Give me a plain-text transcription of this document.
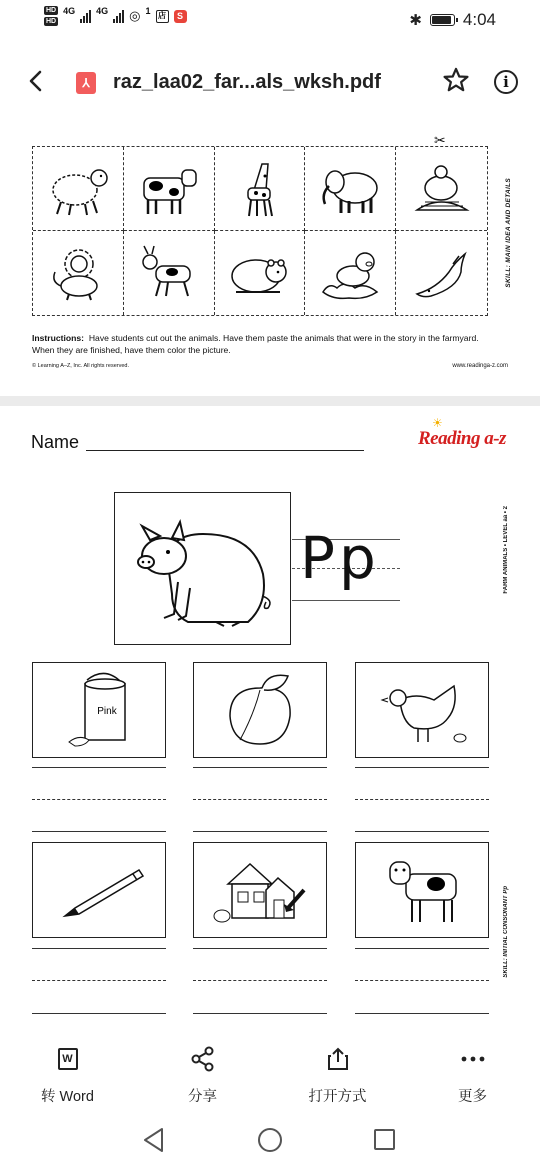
HD
HD
4G 4G ◎ 1 店	S	✱ 4:04
⅄	raz_laa02_far...als_wksh.pdf	i
✂
SKILL: MAIN IDEA AND DETAILS
Instructions: Have students cut out the animals. Have them paste the animals that were in the story in the farmyard. When they are finished, have them color the picture.
© Learning A–Z, Inc. All rights reserved.	www.readinga-z.com
Name
☀
Reading a-z
FARM ANIMALS • LEVEL aa • 2
SKILL: INITIAL CONSONANT Pp
Pp
Pink
W
转 Word	分享	打开方式	更多
